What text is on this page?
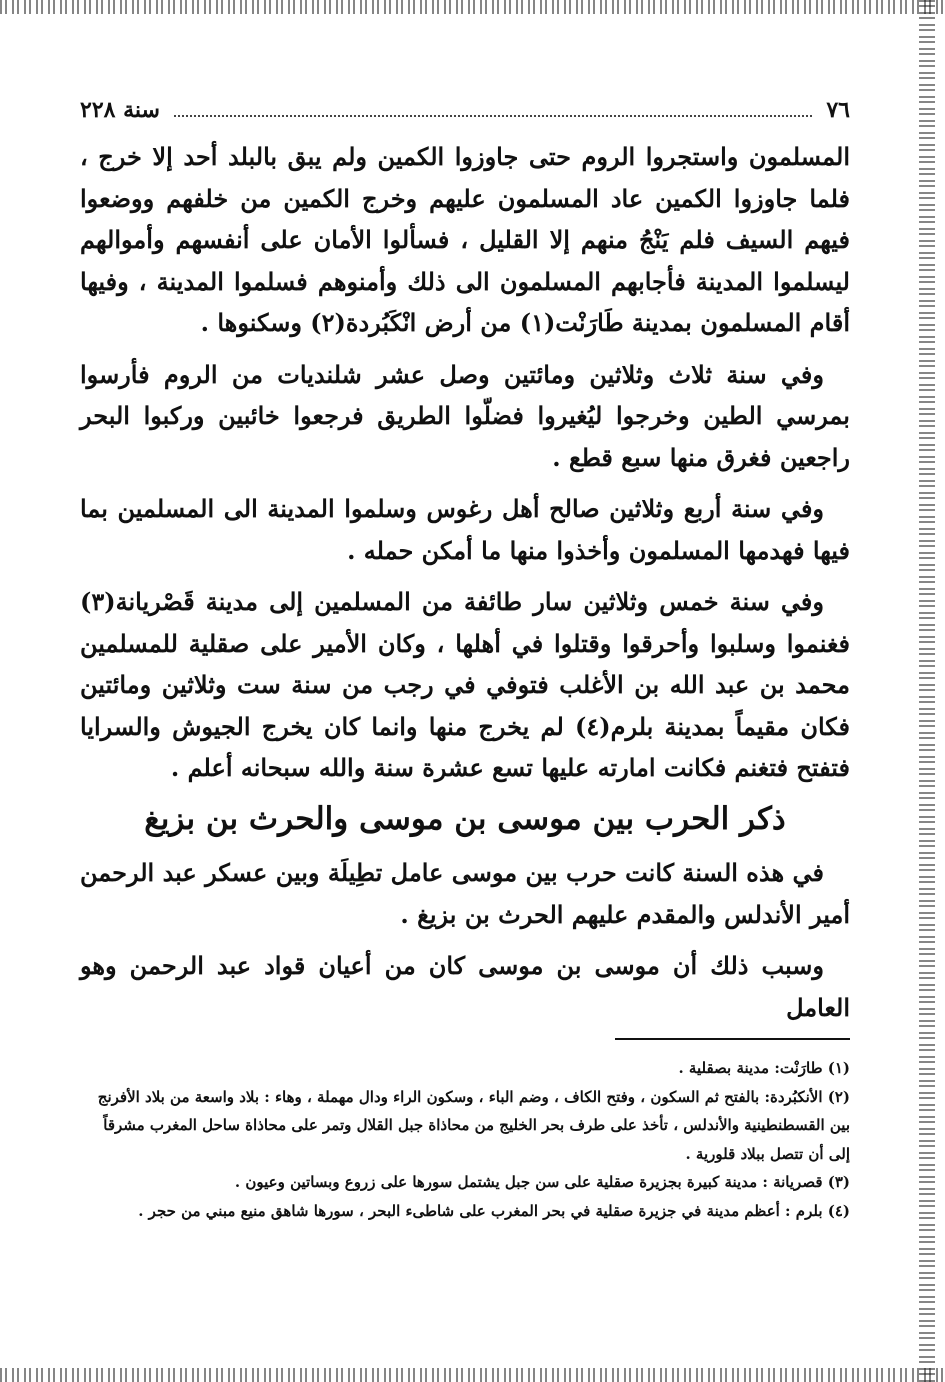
٧٦
سنة ٢٢٨

المسلمون واستجروا الروم حتى جاوزوا الكمين ولم يبق بالبلد أحد إلا خرج ، فلما جاوزوا الكمين عاد المسلمون عليهم وخرج الكمين من خلفهم ووضعوا فيهم السيف فلم يَنْجُ منهم إلا القليل ، فسألوا الأمان على أنفسهم وأموالهم ليسلموا المدينة فأجابهم المسلمون الى ذلك وأمنوهم فسلموا المدينة ، وفيها أقام المسلمون بمدينة طَارَنْت(١) من أرض انْكَبُردة(٢) وسكنوها .

وفي سنة ثلاث وثلاثين ومائتين وصل عشر شلنديات من الروم فأرسوا بمرسي الطين وخرجوا ليُغيروا فضلّوا الطريق فرجعوا خائبين وركبوا البحر راجعين فغرق منها سبع قطع .

وفي سنة أربع وثلاثين صالح أهل رغوس وسلموا المدينة الى المسلمين بما فيها فهدمها المسلمون وأخذوا منها ما أمكن حمله .

وفي سنة خمس وثلاثين سار طائفة من المسلمين إلى مدينة قَصْريانة(٣) فغنموا وسلبوا وأحرقوا وقتلوا في أهلها ، وكان الأمير على صقلية للمسلمين محمد بن عبد الله بن الأغلب فتوفي في رجب من سنة ست وثلاثين ومائتين فكان مقيماً بمدينة بلرم(٤) لم يخرج منها وانما كان يخرج الجيوش والسرايا فتفتح فتغنم فكانت امارته عليها تسع عشرة سنة والله سبحانه أعلم .

ذكر الحرب بين موسى بن موسى والحرث بن بزيغ

في هذه السنة كانت حرب بين موسى عامل تطِيلَة وبين عسكر عبد الرحمن أمير الأندلس والمقدم عليهم الحرث بن بزيغ .

وسبب ذلك أن موسى بن موسى كان من أعيان قواد عبد الرحمن وهو العامل

(١) طارَنْت: مدينة بصقلية .
(٢) الأنكبُردة: بالفتح ثم السكون ، وفتح الكاف ، وضم الباء ، وسكون الراء ودال مهملة ، وهاء : بلاد واسعة من بلاد الأفرنج بين القسطنطينية والأندلس ، تأخذ على طرف بحر الخليج من محاذاة جبل القلال وتمر على محاذاة ساحل المغرب مشرقاً إلى أن تتصل ببلاد قلورية .
(٣) قصريانة : مدينة كبيرة بجزيرة صقلية على سن جبل يشتمل سورها على زروع وبساتين وعيون .
(٤) بلرم : أعظم مدينة في جزيرة صقلية في بحر المغرب على شاطىء البحر ، سورها شاهق منيع مبني من حجر .
